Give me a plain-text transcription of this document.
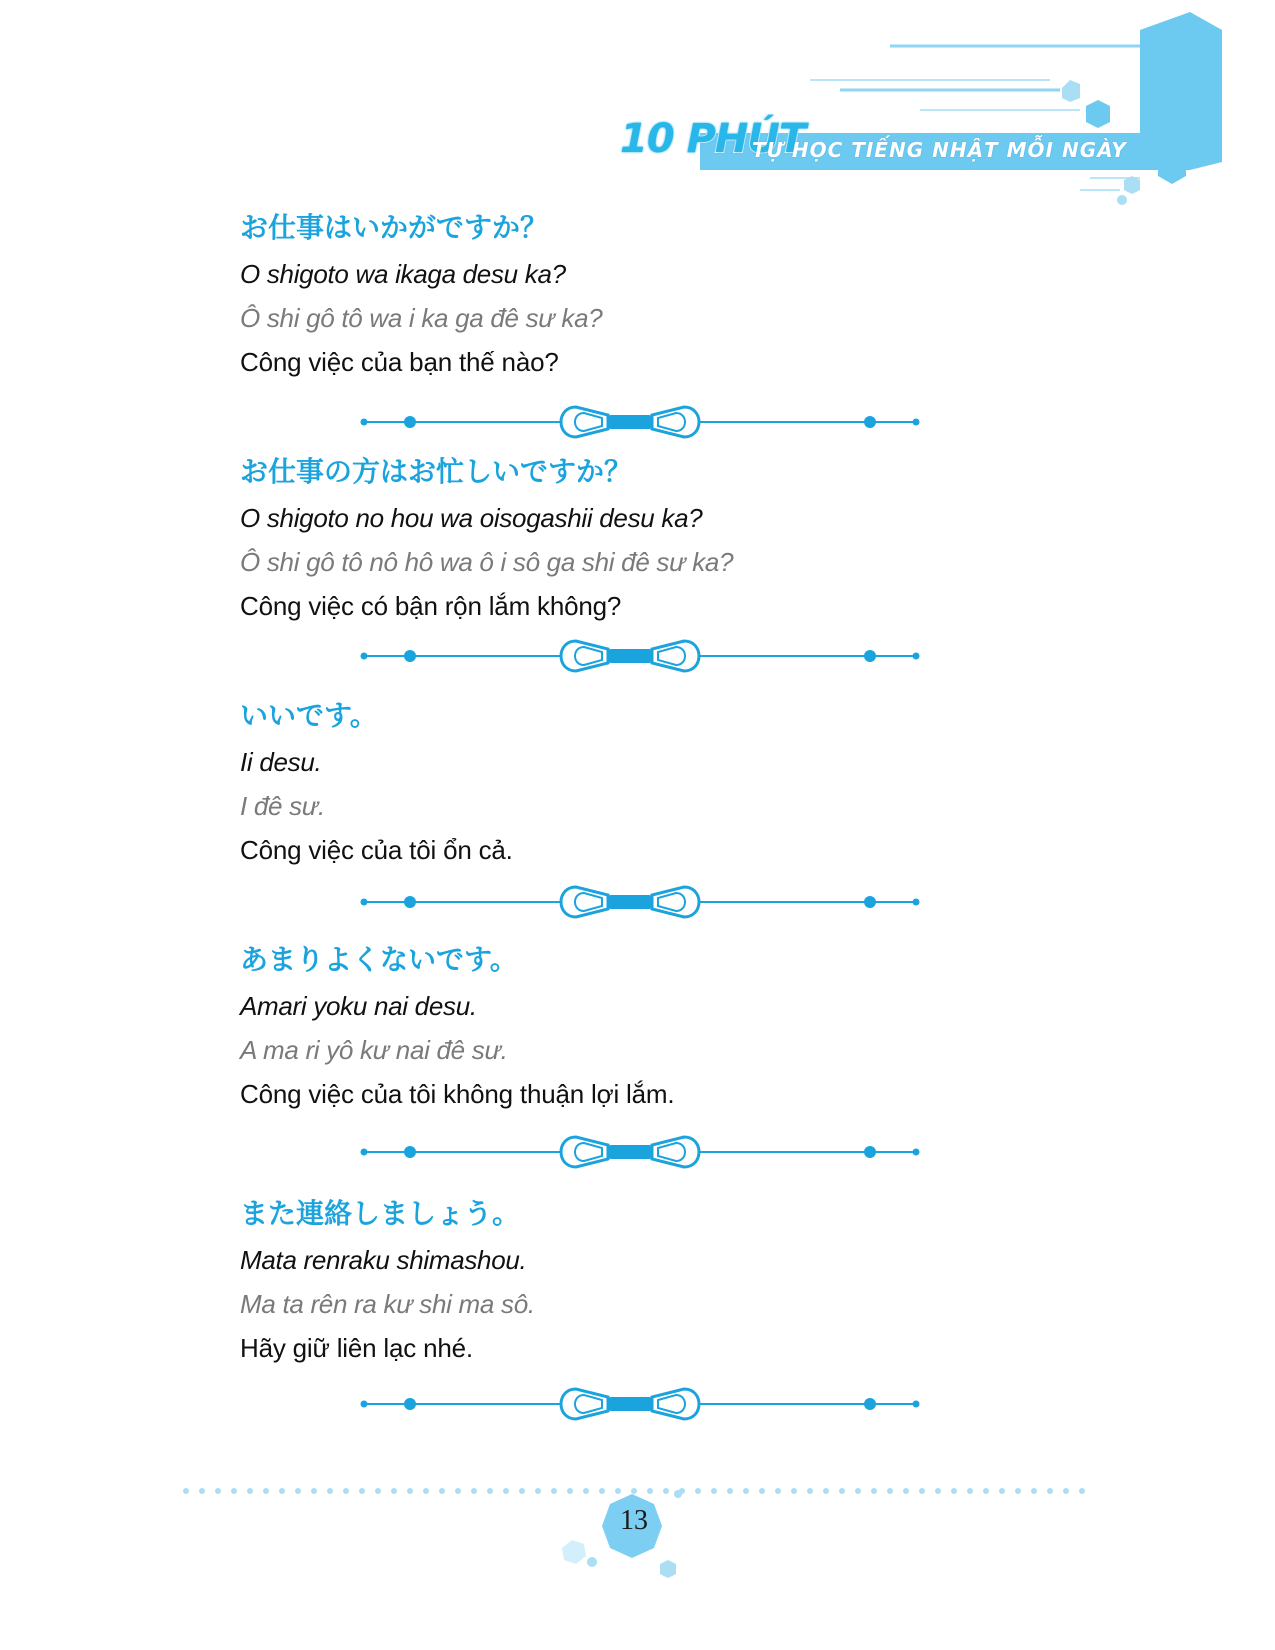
10 PHÚT
TỰ HỌC TIẾNG NHẬT MỖI NGÀY
お仕事はいかがですか？
O shigoto wa ikaga desu ka?
Ô shi gô tô wa i ka ga đê sư ka?
Công việc của bạn thế nào?
お仕事の方はお忙しいですか？
O shigoto no hou wa oisogashii desu ka?
Ô shi gô tô nô hô wa ô i sô ga shi đê sư ka?
Công việc có bận rộn lắm không?
いいです。
Ii desu.
I đê sư.
Công việc của tôi ổn cả.
あまりよくないです。
Amari yoku nai desu.
A ma ri yô kư nai đê sư.
Công việc của tôi không thuận lợi lắm.
また連絡しましょう。
Mata renraku shimashou.
Ma ta rên ra kư shi ma sô.
Hãy giữ liên lạc nhé.
13
